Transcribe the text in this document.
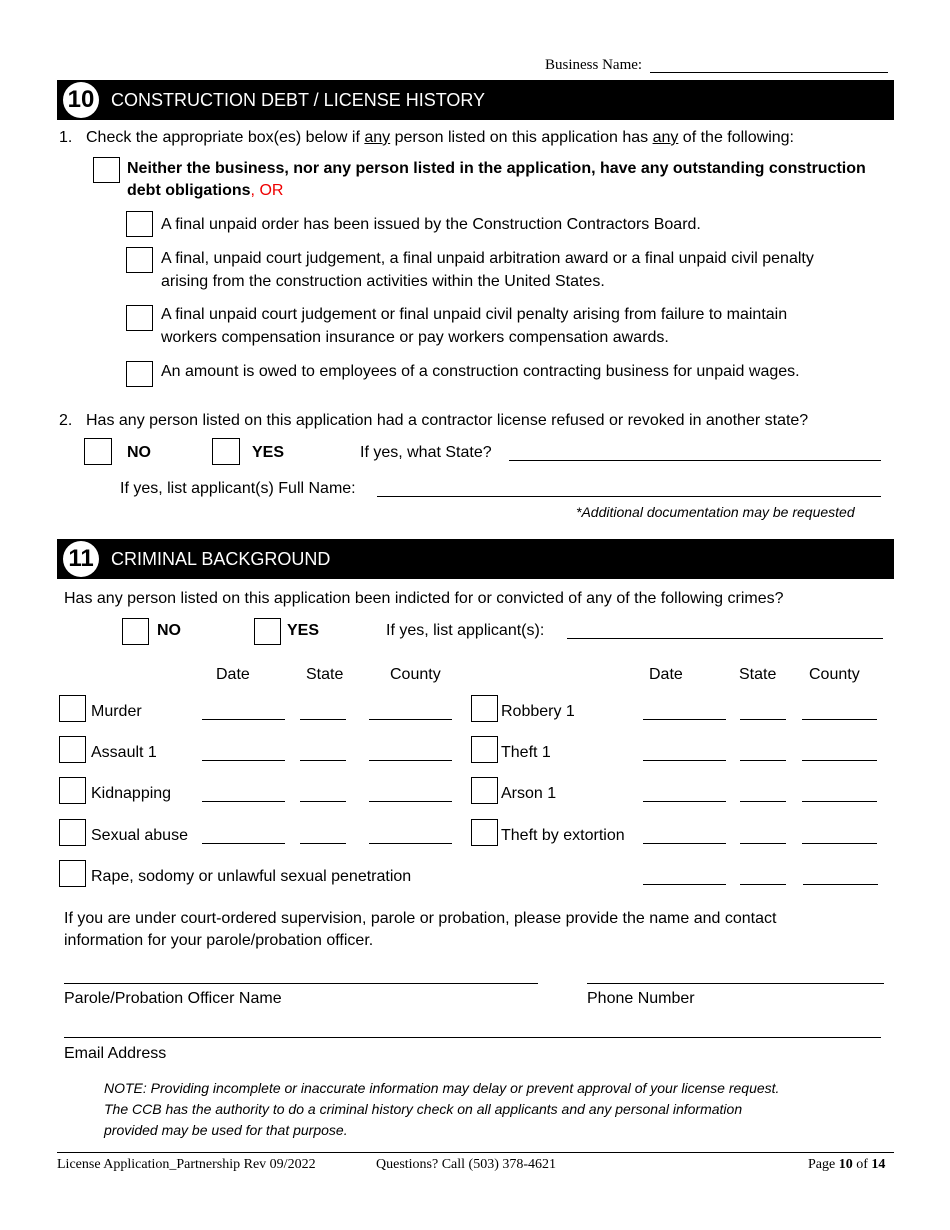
Business Name:
10 CONSTRUCTION DEBT / LICENSE HISTORY
1. Check the appropriate box(es) below if any person listed on this application has any of the following:
Neither the business, nor any person listed in the application, have any outstanding construction
debt obligations, OR
A final unpaid order has been issued by the Construction Contractors Board.
A final, unpaid court judgement, a final unpaid arbitration award or a final unpaid civil penalty
arising from the construction activities within the United States.
A final unpaid court judgement or final unpaid civil penalty arising from failure to maintain
workers compensation insurance or pay workers compensation awards.
An amount is owed to employees of a construction contracting business for unpaid wages.
2. Has any person listed on this application had a contractor license refused or revoked in another state?
NO	YES	If yes, what State?
If yes, list applicant(s) Full Name:
*Additional documentation may be requested
11 CRIMINAL BACKGROUND
Has any person listed on this application been indicted for or convicted of any of the following crimes?
NO	YES	If yes, list applicant(s):
Date	State	County	Date	State County
Murder	Robbery 1
Assault 1	Theft 1
Kidnapping	Arson 1
Sexual abuse	Theft by extortion
Rape, sodomy or unlawful sexual penetration
If you are under court-ordered supervision, parole or probation, please provide the name and contact
information for your parole/probation officer.
Parole/Probation Officer Name	Phone Number
Email Address
NOTE: Providing incomplete or inaccurate information may delay or prevent approval of your license request.
The CCB has the authority to do a criminal history check on all applicants and any personal information
provided may be used for that purpose.
License Application_Partnership Rev 09/2022	Questions? Call (503) 378-4621	Page 10 of 14
